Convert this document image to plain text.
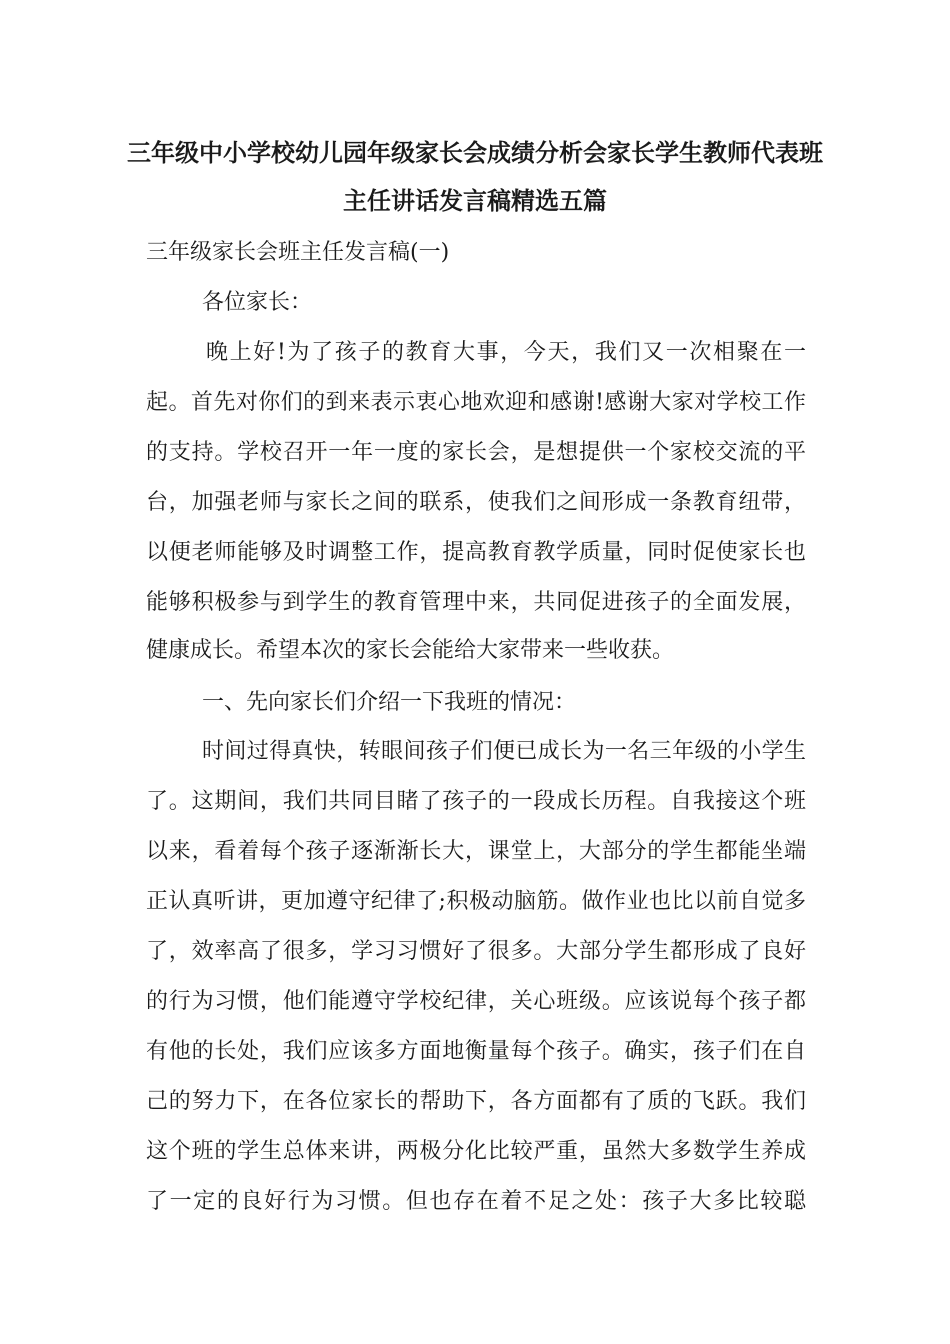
三年级中小学校幼儿园年级家长会成绩分析会家长学生教师代表班
主任讲话发言稿精选五篇
三年级家长会班主任发言稿(一)
各位家长：
晚上好!为了孩子的教育大事，今天，我们又一次相聚在一
起。首先对你们的到来表示衷心地欢迎和感谢!感谢大家对学校工作
的支持。学校召开一年一度的家长会，是想提供一个家校交流的平
台，加强老师与家长之间的联系，使我们之间形成一条教育纽带，
以便老师能够及时调整工作，提高教育教学质量，同时促使家长也
能够积极参与到学生的教育管理中来，共同促进孩子的全面发展，
健康成长。希望本次的家长会能给大家带来一些收获。
一、先向家长们介绍一下我班的情况：
时间过得真快，转眼间孩子们便已成长为一名三年级的小学生
了。这期间，我们共同目睹了孩子的一段成长历程。自我接这个班
以来，看着每个孩子逐渐渐长大，课堂上，大部分的学生都能坐端
正认真听讲，更加遵守纪律了;积极动脑筋。做作业也比以前自觉多
了，效率高了很多，学习习惯好了很多。大部分学生都形成了良好
的行为习惯，他们能遵守学校纪律，关心班级。应该说每个孩子都
有他的长处，我们应该多方面地衡量每个孩子。确实，孩子们在自
己的努力下，在各位家长的帮助下，各方面都有了质的飞跃。我们
这个班的学生总体来讲，两极分化比较严重，虽然大多数学生养成
了一定的良好行为习惯。但也存在着不足之处：孩子大多比较聪
